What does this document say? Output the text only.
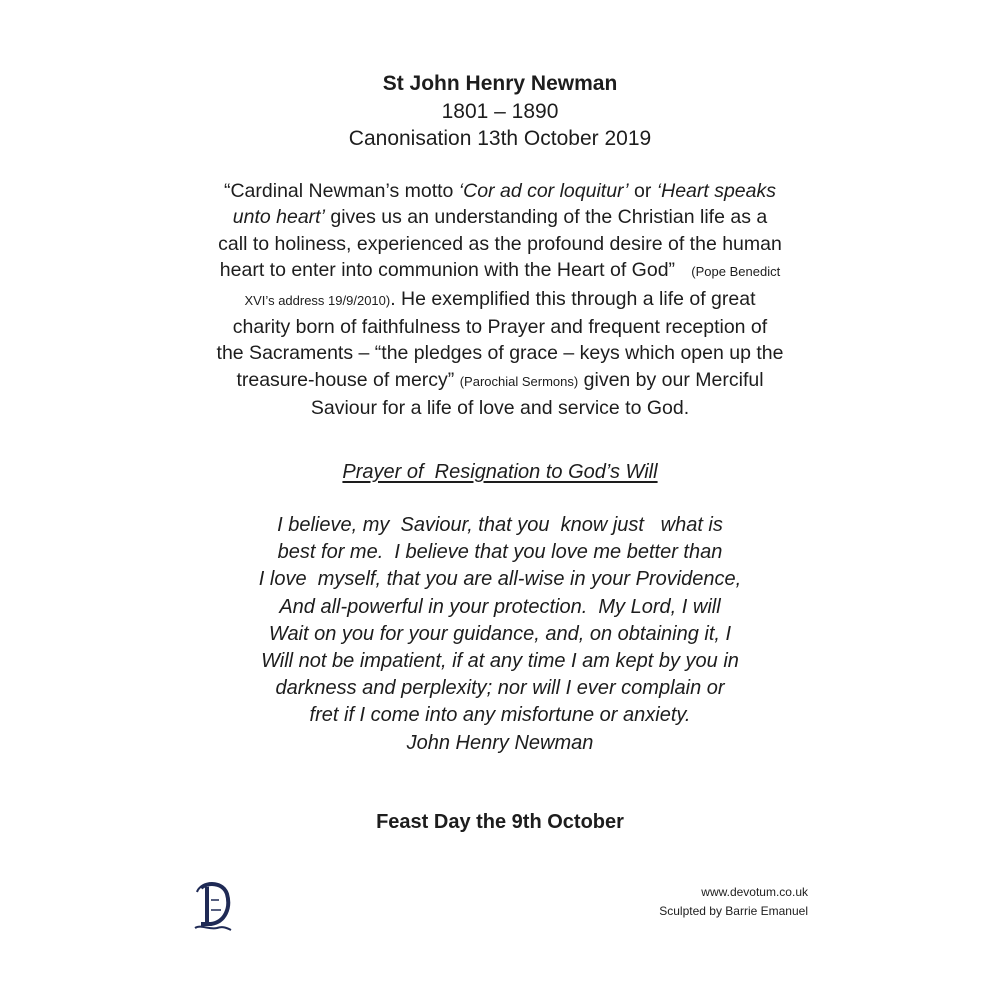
St John Henry Newman
1801 – 1890
Canonisation 13th October 2019
“Cardinal Newman’s motto ‘Cor ad cor loquitur’ or ‘Heart speaks
unto heart’ gives us an understanding of the Christian life as a
call to holiness, experienced as the profound desire of the human
heart to enter into communion with the Heart of God” (Pope Benedict
XVI’s address 19/9/2010). He exemplified this through a life of great
charity born of faithfulness to Prayer and frequent reception of
the Sacraments – “the pledges of grace – keys which open up the
treasure-house of mercy” (Parochial Sermons) given by our Merciful
Saviour for a life of love and service to God.
Prayer of  Resignation to God’s Will
I believe, my  Saviour, that you  know just   what is
best for me.  I believe that you love me better than
I love  myself, that you are all-wise in your Providence,
And all-powerful in your protection.  My Lord, I will
Wait on you for your guidance, and, on obtaining it, I
Will not be impatient, if at any time I am kept by you in
darkness and perplexity; nor will I ever complain or
fret if I come into any misfortune or anxiety.
John Henry Newman
Feast Day the 9th October
www.devotum.co.uk
Sculpted by Barrie Emanuel
